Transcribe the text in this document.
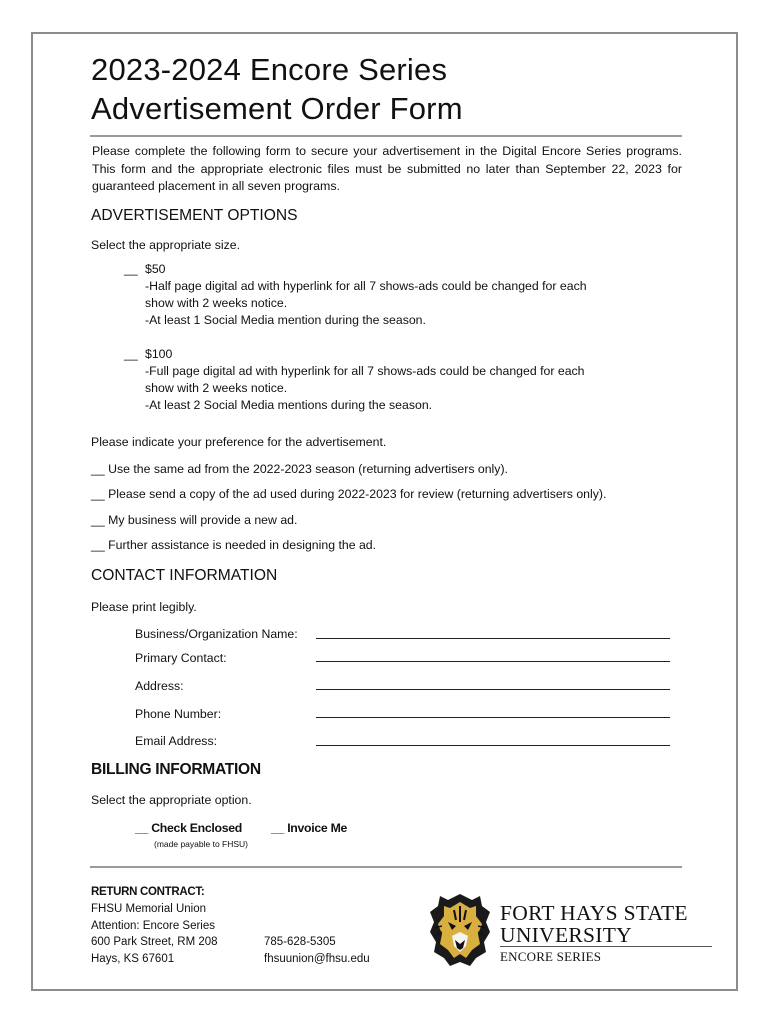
2023-2024 Encore Series
Advertisement Order Form
Please complete the following form to secure your advertisement in the Digital Encore Series programs. This form and the appropriate electronic files must be submitted no later than September 22, 2023 for guaranteed placement in all seven programs.
ADVERTISEMENT OPTIONS
Select the appropriate size.
__ $50
-Half page digital ad with hyperlink for all 7 shows-ads could be changed for each
show with 2 weeks notice.
-At least 1 Social Media mention during the season.
__ $100
-Full page digital ad with hyperlink for all 7 shows-ads could be changed for each
show with 2 weeks notice.
-At least 2 Social Media mentions during the season.
Please indicate your preference for the advertisement.
__ Use the same ad from the 2022-2023 season (returning advertisers only).
__ Please send a copy of the ad used during 2022-2023 for review (returning advertisers only).
__ My business will provide a new ad.
__ Further assistance is needed in designing the ad.
CONTACT INFORMATION
Please print legibly.
Business/Organization Name:
Primary Contact:
Address:
Phone Number:
Email Address:
BILLING INFORMATION
Select the appropriate option.
__ Check Enclosed
(made payable to FHSU)
__ Invoice Me
RETURN CONTRACT:
FHSU Memorial Union
Attention: Encore Series
600 Park Street, RM 208
Hays, KS 67601
785-628-5305
fhsuunion@fhsu.edu
FORT HAYS STATE
UNIVERSITY
ENCORE SERIES
